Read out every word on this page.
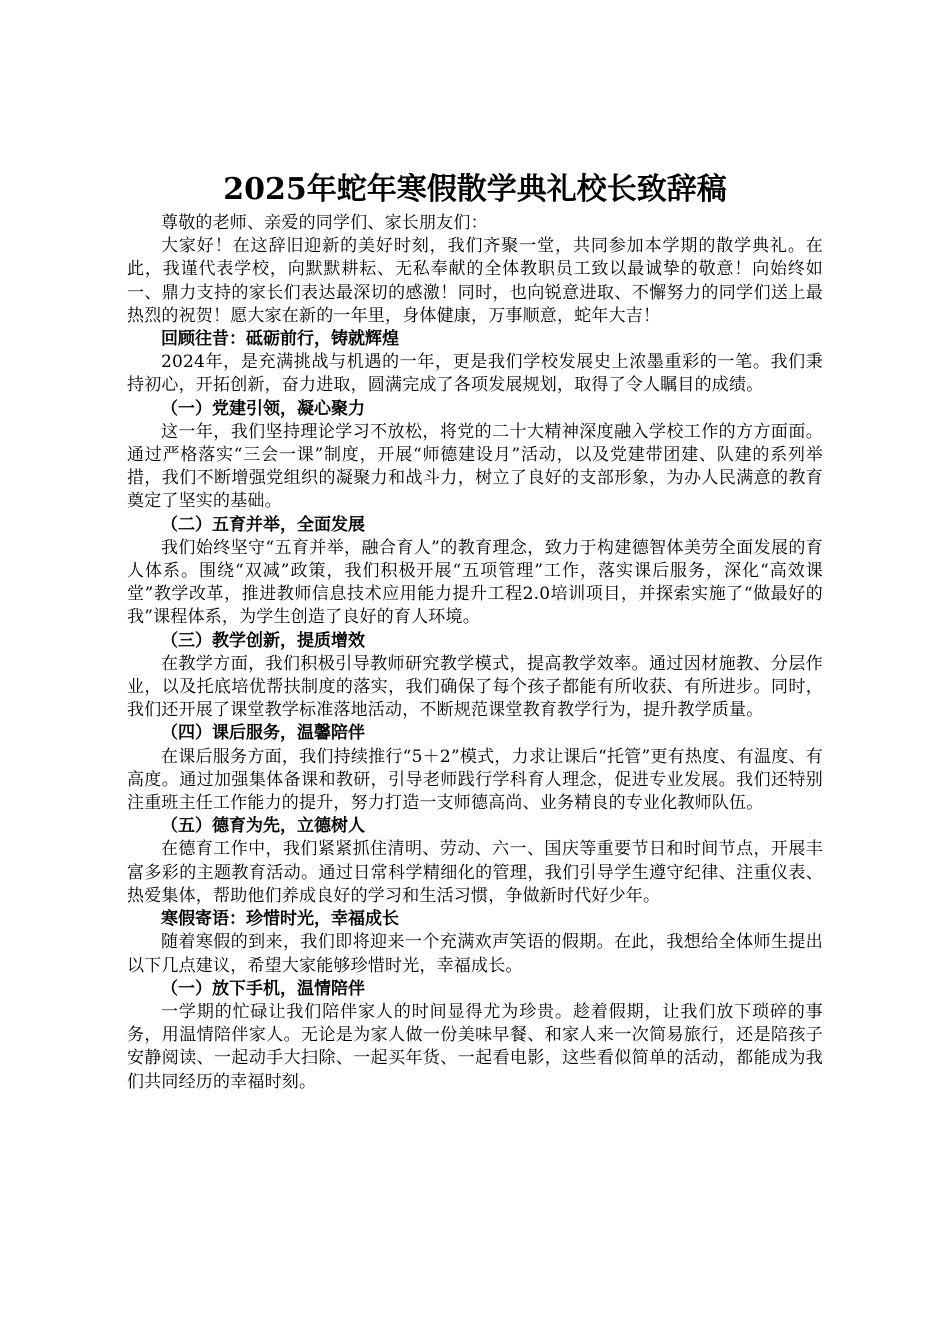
2025年蛇年寒假散学典礼校长致辞稿

尊敬的老师、亲爱的同学们、家长朋友们：

大家好！在这辞旧迎新的美好时刻，我们齐聚一堂，共同参加本学期的散学典礼。在此，我谨代表学校，向默默耕耘、无私奉献的全体教职员工致以最诚挚的敬意！向始终如一、鼎力支持的家长们表达最深切的感激！同时，也向锐意进取、不懈努力的同学们送上最热烈的祝贺！愿大家在新的一年里，身体健康，万事顺意，蛇年大吉！

回顾往昔：砥砺前行，铸就辉煌

2024年，是充满挑战与机遇的一年，更是我们学校发展史上浓墨重彩的一笔。我们秉持初心，开拓创新，奋力进取，圆满完成了各项发展规划，取得了令人瞩目的成绩。

（一）党建引领，凝心聚力

这一年，我们坚持理论学习不放松，将党的二十大精神深度融入学校工作的方方面面。通过严格落实“三会一课”制度，开展“师德建设月”活动，以及党建带团建、队建的系列举措，我们不断增强党组织的凝聚力和战斗力，树立了良好的支部形象，为办人民满意的教育奠定了坚实的基础。

（二）五育并举，全面发展

我们始终坚守“五育并举，融合育人”的教育理念，致力于构建德智体美劳全面发展的育人体系。围绕“双减”政策，我们积极开展“五项管理”工作，落实课后服务，深化“高效课堂”教学改革，推进教师信息技术应用能力提升工程2.0培训项目，并探索实施了“做最好的我”课程体系，为学生创造了良好的育人环境。

（三）教学创新，提质增效

在教学方面，我们积极引导教师研究教学模式，提高教学效率。通过因材施教、分层作业，以及托底培优帮扶制度的落实，我们确保了每个孩子都能有所收获、有所进步。同时，我们还开展了课堂教学标准落地活动，不断规范课堂教育教学行为，提升教学质量。

（四）课后服务，温馨陪伴

在课后服务方面，我们持续推行“5＋2”模式，力求让课后“托管”更有热度、有温度、有高度。通过加强集体备课和教研，引导老师践行学科育人理念，促进专业发展。我们还特别注重班主任工作能力的提升，努力打造一支师德高尚、业务精良的专业化教师队伍。

（五）德育为先，立德树人

在德育工作中，我们紧紧抓住清明、劳动、六一、国庆等重要节日和时间节点，开展丰富多彩的主题教育活动。通过日常科学精细化的管理，我们引导学生遵守纪律、注重仪表、热爱集体，帮助他们养成良好的学习和生活习惯，争做新时代好少年。

寒假寄语：珍惜时光，幸福成长

随着寒假的到来，我们即将迎来一个充满欢声笑语的假期。在此，我想给全体师生提出以下几点建议，希望大家能够珍惜时光，幸福成长。

（一）放下手机，温情陪伴

一学期的忙碌让我们陪伴家人的时间显得尤为珍贵。趁着假期，让我们放下琐碎的事务，用温情陪伴家人。无论是为家人做一份美味早餐、和家人来一次简易旅行，还是陪孩子安静阅读、一起动手大扫除、一起买年货、一起看电影，这些看似简单的活动，都能成为我们共同经历的幸福时刻。
